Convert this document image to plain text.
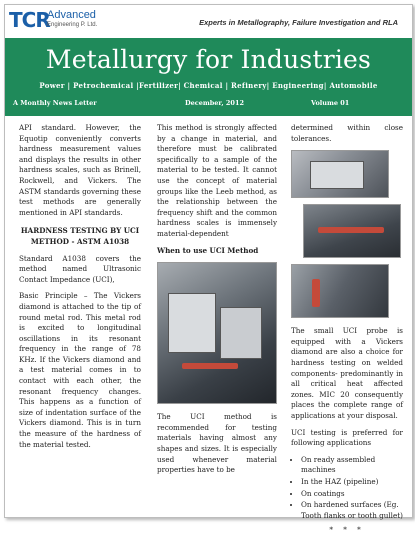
TCR
Advanced
Engineering P. Ltd.	Experts in Metallography, Failure Investigation and RLA
Metallurgy for Industries
Power | Petrochemical |Fertilizer| Chemical | Refinery| Engineering| Automobile
A Monthly News Letter	December, 2012	Volume 01

API standard. However, the Equotip conveniently converts hardness measurement values and displays the results in other hardness scales, such as Brinell, Rockwell, and Vickers. The ASTM standards governing these test methods are generally mentioned in API standards.

HARDNESS TESTING BY UCI METHOD - ASTM A1038

Standard A1038 covers the method named Ultrasonic Contact Impedance (UCI),

Basic Principle – The Vickers diamond is attached to the tip of round metal rod. This metal rod is excited to longitudinal oscillations in its resonant frequency in the range of 78 KHz. If the Vickers diamond and a test material comes in to contact with each other, the resonant frequency changes. This happens as a function of size of indentation surface of the Vickers diamond. This is in turn the measure of the hardness of the material tested.

This method is strongly affected by a change in material, and therefore must be calibrated specifically to a sample of the material to be tested. It cannot use the concept of material groups like the Leeb method, as the relationship between the frequency shift and the common hardness scales is immensely material-dependent

When to use UCI Method

The UCI method is recommended for testing materials having almost any shapes and sizes. It is especially used whenever material properties have to be

determined within close tolerances.

The small UCI probe is equipped with a Vickers diamond are also a choice for hardness testing on welded components- predominantly in all critical heat affected zones. MIC 20 consequently places the complete range of applications at your disposal.

UCI testing is preferred for following applications

• On ready assembled machines
• In the HAZ (pipeline)
• On coatings
• On hardened surfaces (Eg. Tooth flanks or tooth gullet)
* * *
